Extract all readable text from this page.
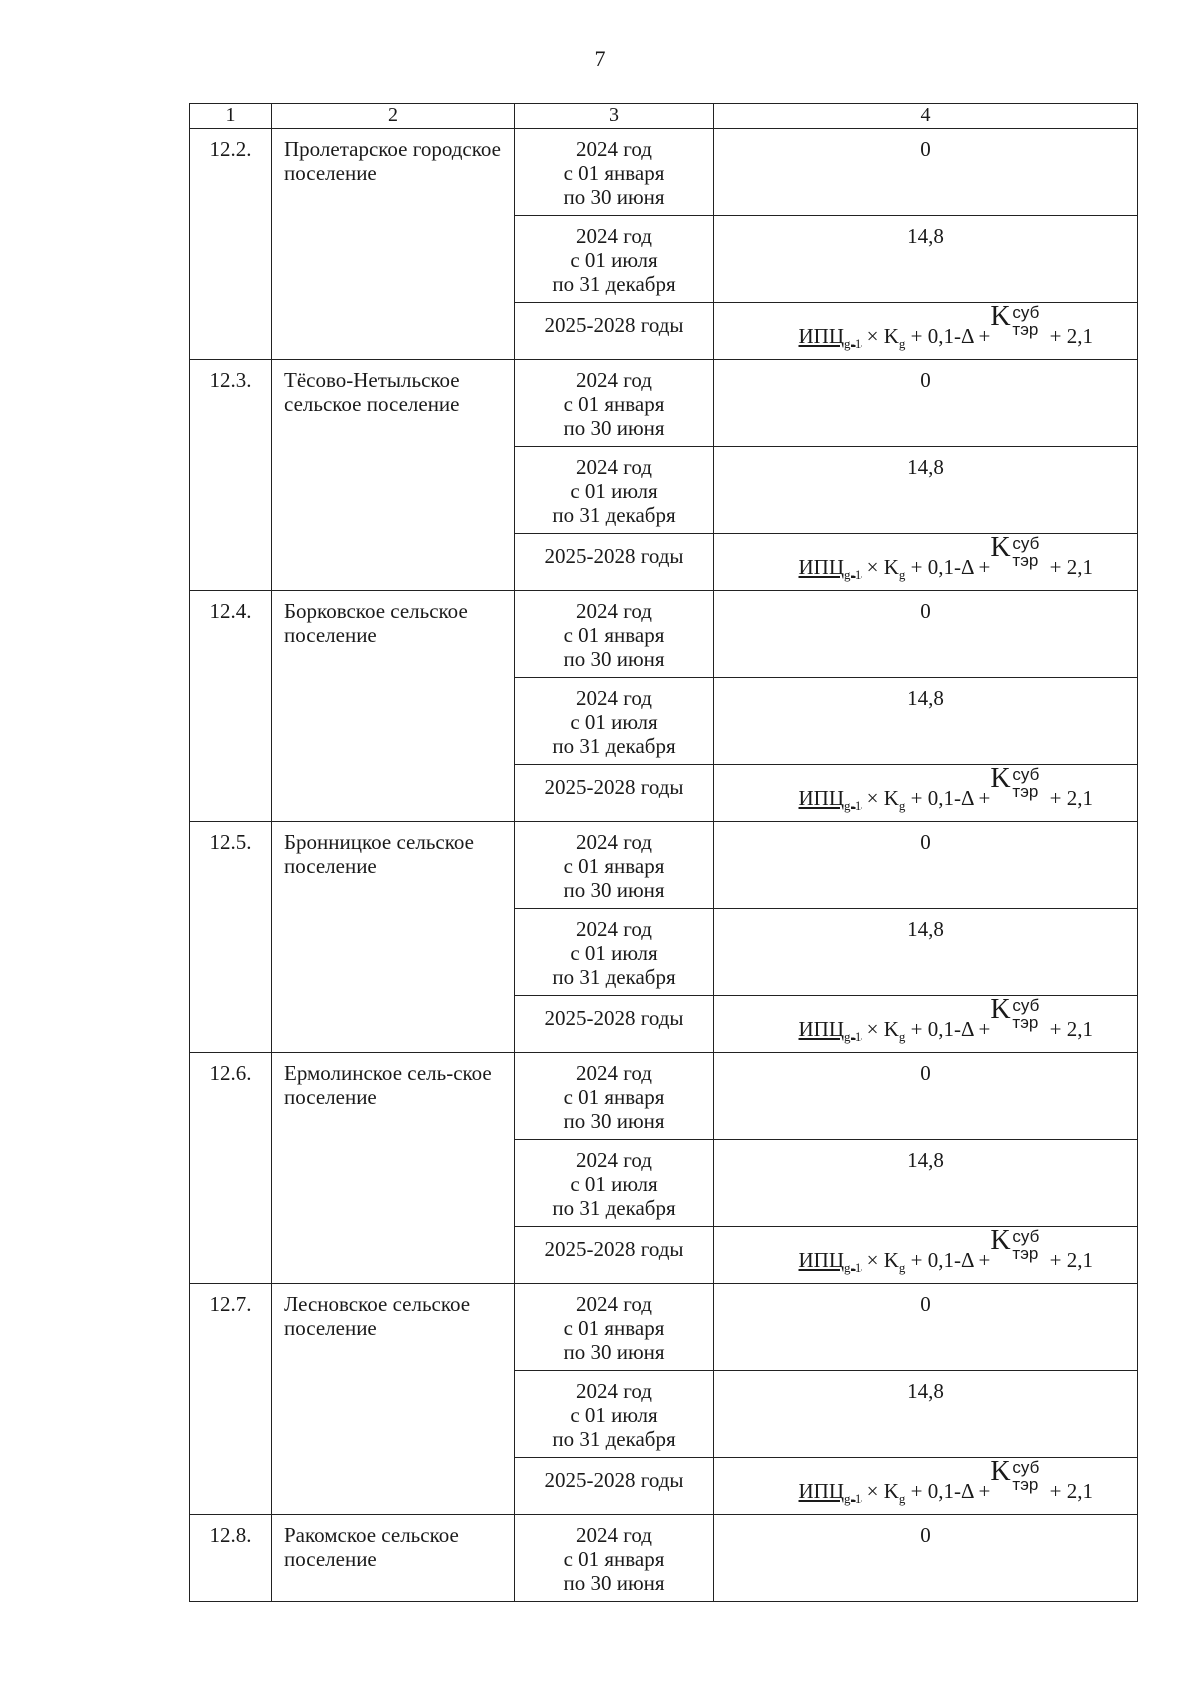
7
1	2	3	4
12.2.	Пролетарское городское поселение	2024 год
с 01 января
по 30 июня	0

		2024 год
с 01 июля
по 31 декабря	14,8
		2025-2028 годы	$ИПЦ_{g-1} \times K_g + 0,1-\Delta$ +
K суб
тэр + 2,1

12.3.	Тёсово-Нетыльское сельское поселение	2024 год
с 01 января
по 30 июня	0

		2024 год
с 01 июля
по 31 декабря	14,8
		2025-2028 годы	$ИПЦ_{g-1} \times K_g + 0,1-\Delta$ +
K суб
тэр + 2,1

12.4.	Борковское сельское поселение	2024 год
с 01 января
по 30 июня	0

		2024 год
с 01 июля
по 31 декабря	14,8
		2025-2028 годы	$ИПЦ_{g-1} \times K_g + 0,1-\Delta$ +
K суб
тэр + 2,1

12.5.	Бронницкое сельское поселение	2024 год
с 01 января
по 30 июня	0

		2024 год
с 01 июля
по 31 декабря	14,8
		2025-2028 годы	$ИПЦ_{g-1} \times K_g + 0,1-\Delta$ +
K суб
тэр + 2,1

12.6.	Ермолинское сель-ское поселение	2024 год
с 01 января
по 30 июня	0

		2024 год
с 01 июля
по 31 декабря	14,8
		2025-2028 годы	$ИПЦ_{g-1} \times K_g + 0,1-\Delta$ +
K суб
тэр + 2,1

12.7.	Лесновское сельское поселение	2024 год
с 01 января
по 30 июня	0

		2024 год
с 01 июля
по 31 декабря	14,8
		2025-2028 годы	$ИПЦ_{g-1} \times K_g + 0,1-\Delta$ +
K суб
тэр + 2,1

12.8.	Ракомское сельское поселение	2024 год
с 01 января
по 30 июня	0
